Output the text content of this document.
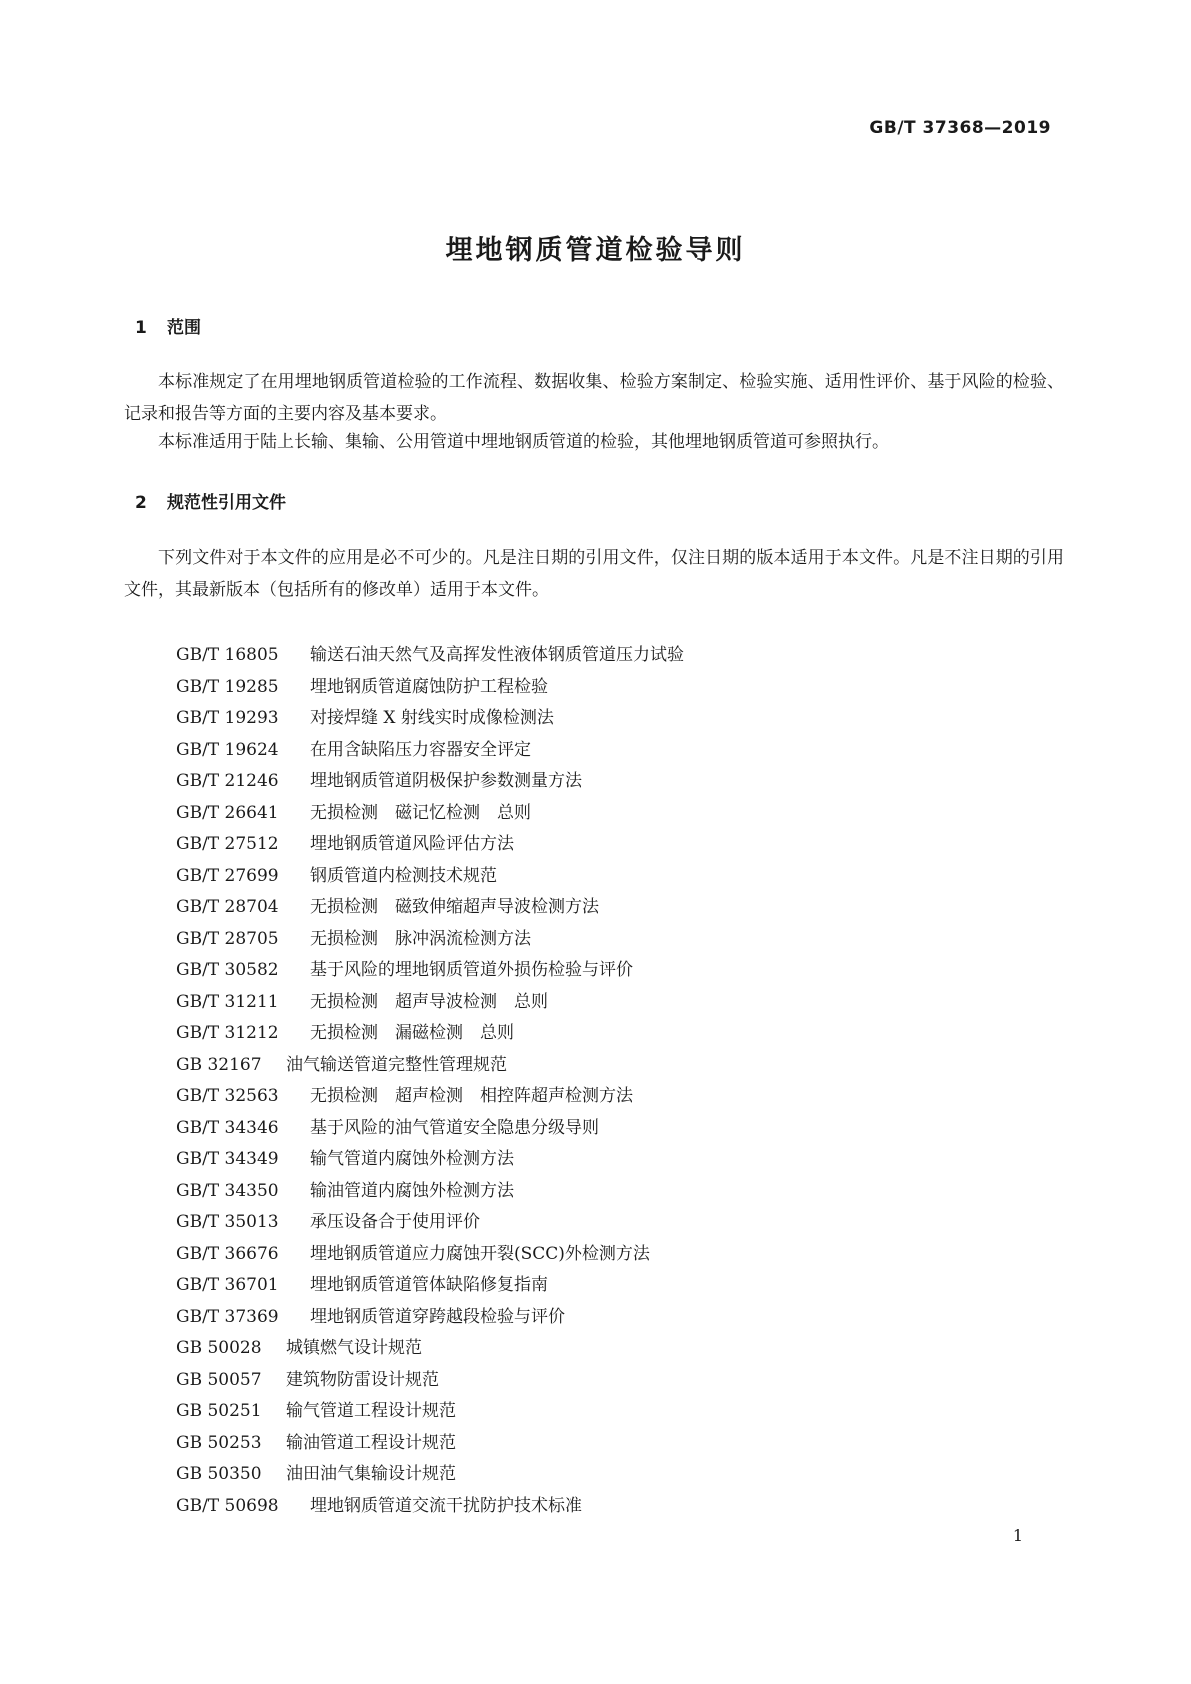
GB/T 37368—2019
埋地钢质管道检验导则
1 范围
本标准规定了在用埋地钢质管道检验的工作流程、数据收集、检验方案制定、检验实施、适用性评价、基于风险的检验、记录和报告等方面的主要内容及基本要求。
本标准适用于陆上长输、集输、公用管道中埋地钢质管道的检验，其他埋地钢质管道可参照执行。
2 规范性引用文件
下列文件对于本文件的应用是必不可少的。凡是注日期的引用文件，仅注日期的版本适用于本文件。凡是不注日期的引用文件，其最新版本（包括所有的修改单）适用于本文件。
GB/T 16805 输送石油天然气及高挥发性液体钢质管道压力试验
GB/T 19285 埋地钢质管道腐蚀防护工程检验
GB/T 19293 对接焊缝 X 射线实时成像检测法
GB/T 19624 在用含缺陷压力容器安全评定
GB/T 21246 埋地钢质管道阴极保护参数测量方法
GB/T 26641 无损检测　磁记忆检测　总则
GB/T 27512 埋地钢质管道风险评估方法
GB/T 27699 钢质管道内检测技术规范
GB/T 28704 无损检测　磁致伸缩超声导波检测方法
GB/T 28705 无损检测　脉冲涡流检测方法
GB/T 30582 基于风险的埋地钢质管道外损伤检验与评价
GB/T 31211 无损检测　超声导波检测　总则
GB/T 31212 无损检测　漏磁检测　总则
GB 32167 油气输送管道完整性管理规范
GB/T 32563 无损检测　超声检测　相控阵超声检测方法
GB/T 34346 基于风险的油气管道安全隐患分级导则
GB/T 34349 输气管道内腐蚀外检测方法
GB/T 34350 输油管道内腐蚀外检测方法
GB/T 35013 承压设备合于使用评价
GB/T 36676 埋地钢质管道应力腐蚀开裂(SCC)外检测方法
GB/T 36701 埋地钢质管道管体缺陷修复指南
GB/T 37369 埋地钢质管道穿跨越段检验与评价
GB 50028 城镇燃气设计规范
GB 50057 建筑物防雷设计规范
GB 50251 输气管道工程设计规范
GB 50253 输油管道工程设计规范
GB 50350 油田油气集输设计规范
GB/T 50698 埋地钢质管道交流干扰防护技术标准
1
